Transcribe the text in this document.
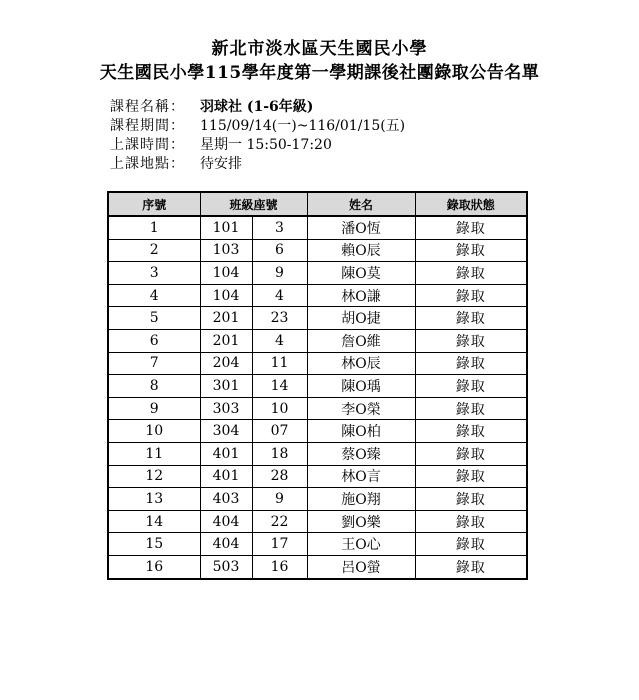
新北市淡水區天生國民小學
天生國民小學115學年度第一學期課後社團錄取公告名單
課程名稱： 羽球社 (1-6年級)
課程期間： 115/09/14(一)~116/01/15(五)
上課時間： 星期一 15:50-17:20
上課地點： 待安排
序號	班級座號		姓名	錄取狀態
1	101	3	潘O恆	錄取
2	103	6	賴O辰	錄取
3	104	9	陳O莫	錄取
4	104	4	林O謙	錄取
5	201	23	胡O捷	錄取
6	201	4	詹O維	錄取
7	204	11	林O辰	錄取
8	301	14	陳O瑀	錄取
9	303	10	李O榮	錄取
10	304	07	陳O柏	錄取
11	401	18	蔡O臻	錄取
12	401	28	林O言	錄取
13	403	9	施O翔	錄取
14	404	22	劉O樂	錄取
15	404	17	王O心	錄取
16	503	16	呂O螢	錄取
